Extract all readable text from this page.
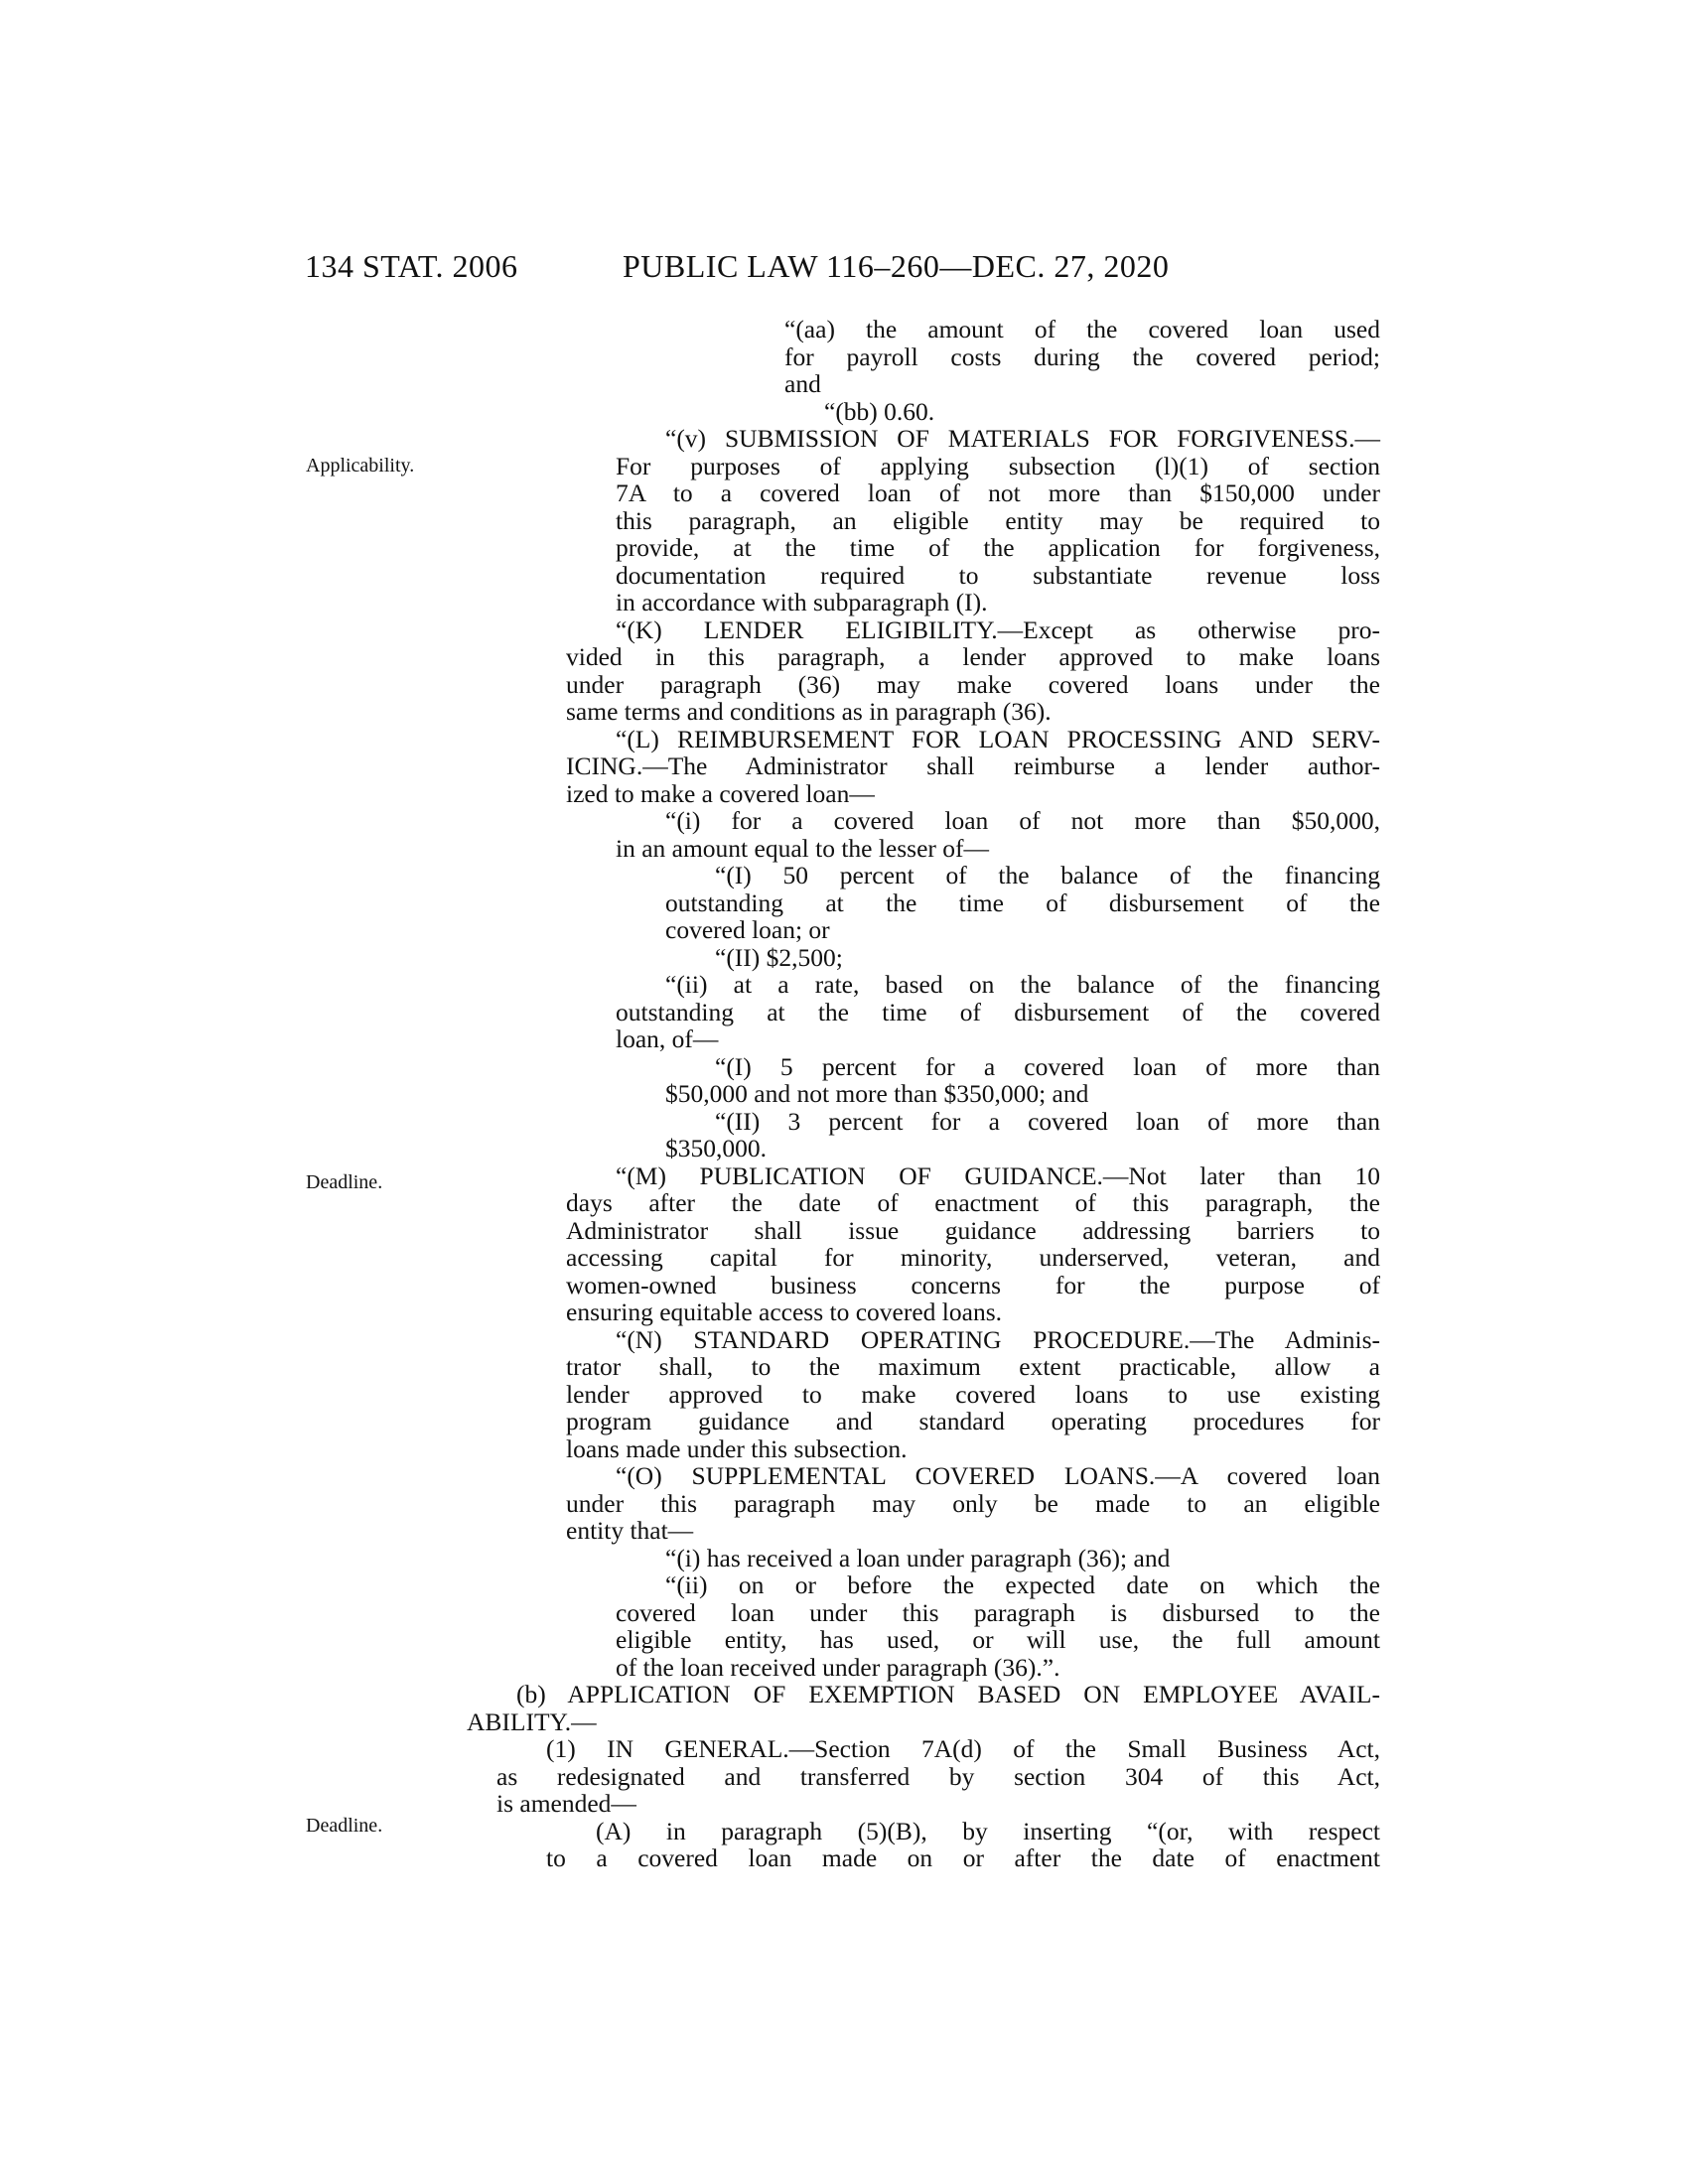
134 STAT. 2006	PUBLIC LAW 116–260—DEC. 27, 2020
Applicability.
Deadline.
Deadline.

“(aa) the amount of the covered loan used

for payroll costs during the covered period;

and

“(bb) 0.60.

“(v) SUBMISSION OF MATERIALS FOR FORGIVENESS.—

For purposes of applying subsection (l)(1) of section

7A to a covered loan of not more than $150,000 under

this paragraph, an eligible entity may be required to

provide, at the time of the application for forgiveness,

documentation required to substantiate revenue loss

in accordance with subparagraph (I).

“(K) LENDER ELIGIBILITY.—Except as otherwise pro-

vided in this paragraph, a lender approved to make loans

under paragraph (36) may make covered loans under the

same terms and conditions as in paragraph (36).

“(L) REIMBURSEMENT FOR LOAN PROCESSING AND SERV-

ICING.—The Administrator shall reimburse a lender author-

ized to make a covered loan—

“(i) for a covered loan of not more than $50,000,

in an amount equal to the lesser of—

“(I) 50 percent of the balance of the financing

outstanding at the time of disbursement of the

covered loan; or

“(II) $2,500;

“(ii) at a rate, based on the balance of the financing

outstanding at the time of disbursement of the covered

loan, of—

“(I) 5 percent for a covered loan of more than

$50,000 and not more than $350,000; and

“(II) 3 percent for a covered loan of more than

$350,000.

“(M) PUBLICATION OF GUIDANCE.—Not later than 10

days after the date of enactment of this paragraph, the

Administrator shall issue guidance addressing barriers to

accessing capital for minority, underserved, veteran, and

women-owned business concerns for the purpose of

ensuring equitable access to covered loans.

“(N) STANDARD OPERATING PROCEDURE.—The Adminis-

trator shall, to the maximum extent practicable, allow a

lender approved to make covered loans to use existing

program guidance and standard operating procedures for

loans made under this subsection.

“(O) SUPPLEMENTAL COVERED LOANS.—A covered loan

under this paragraph may only be made to an eligible

entity that—

“(i) has received a loan under paragraph (36); and

“(ii) on or before the expected date on which the

covered loan under this paragraph is disbursed to the

eligible entity, has used, or will use, the full amount

of the loan received under paragraph (36).”.

(b) APPLICATION OF EXEMPTION BASED ON EMPLOYEE AVAIL-

ABILITY.—

(1) IN GENERAL.—Section 7A(d) of the Small Business Act,

as redesignated and transferred by section 304 of this Act,

is amended—

(A) in paragraph (5)(B), by inserting “(or, with respect

to a covered loan made on or after the date of enactment
